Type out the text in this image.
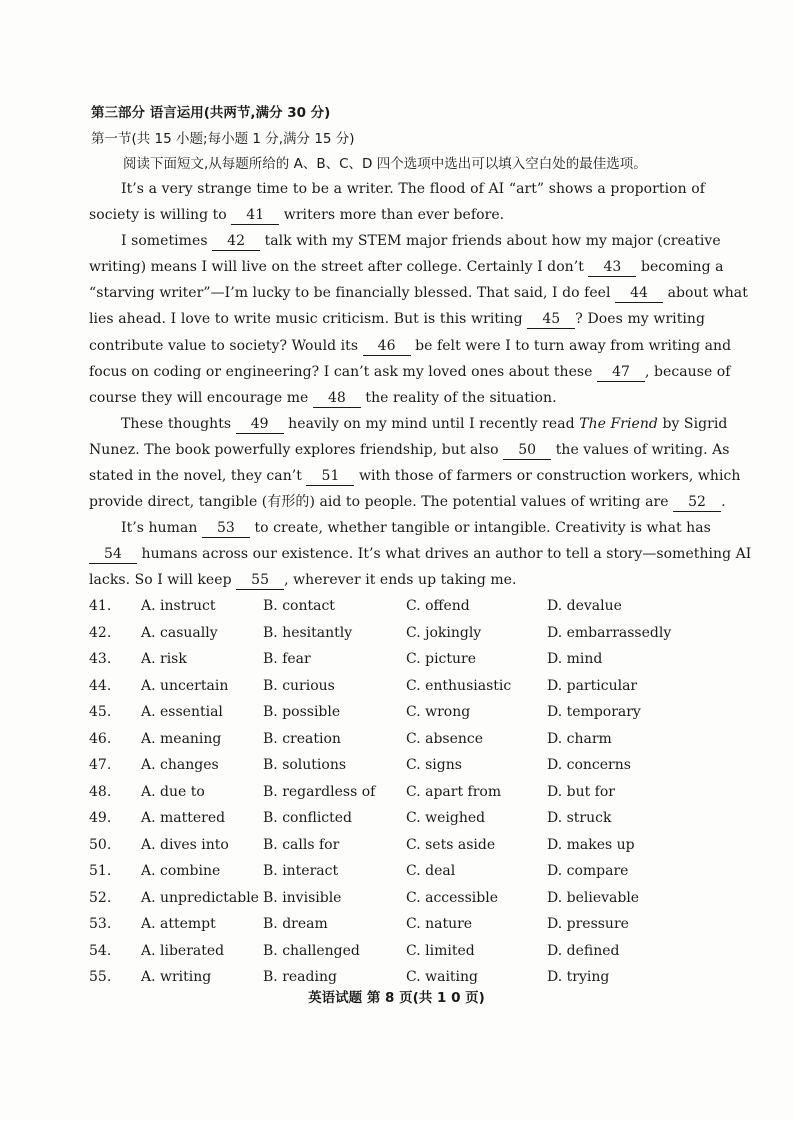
第三部分 语言运用(共两节,满分 30 分)
第一节(共 15 小题;每小题 1 分,满分 15 分)
阅读下面短文,从每题所给的 A、B、C、D 四个选项中选出可以填入空白处的最佳选项。
It’s a very strange time to be a writer. The flood of AI “art” shows a proportion of
society is willing to 41 writers more than ever before.
I sometimes 42 talk with my STEM major friends about how my major (creative
writing) means I will live on the street after college. Certainly I don’t 43 becoming a
“starving writer”—I’m lucky to be financially blessed. That said, I do feel 44 about what
lies ahead. I love to write music criticism. But is this writing 45 ? Does my writing
contribute value to society? Would its 46 be felt were I to turn away from writing and
focus on coding or engineering? I can’t ask my loved ones about these 47 , because of
course they will encourage me 48 the reality of the situation.
These thoughts 49 heavily on my mind until I recently read The Friend by Sigrid
Nunez. The book powerfully explores friendship, but also 50 the values of writing. As
stated in the novel, they can’t 51 with those of farmers or construction workers, which
provide direct, tangible (有形的) aid to people. The potential values of writing are 52 .
It’s human 53 to create, whether tangible or intangible. Creativity is what has
54 humans across our existence. It’s what drives an author to tell a story—something AI
lacks. So I will keep 55 , wherever it ends up taking me.
41. A. instruct	B. contact	C. offend	D. devalue
42. A. casually	B. hesitantly	C. jokingly	D. embarrassedly
43. A. risk	B. fear	C. picture	D. mind
44. A. uncertain B. curious	C. enthusiastic	D. particular
45. A. essential	B. possible	C. wrong	D. temporary
46. A. meaning	B. creation	C. absence	D. charm
47. A. changes	B. solutions	C. signs	D. concerns
48. A. due to	B. regardless of C. apart from	D. but for
49. A. mattered	B. conflicted	C. weighed	D. struck
50. A. dives into B. calls for	C. sets aside	D. makes up
51. A. combine	B. interact	C. deal	D. compare
52. A. unpredictable B. invisible	C. accessible	D. believable
53. A. attempt	B. dream	C. nature	D. pressure
54. A. liberated	B. challenged	C. limited	D. defined
55. A. writing	B. reading	C. waiting	D. trying
英语试题 第 8 页(共 1 0 页)
